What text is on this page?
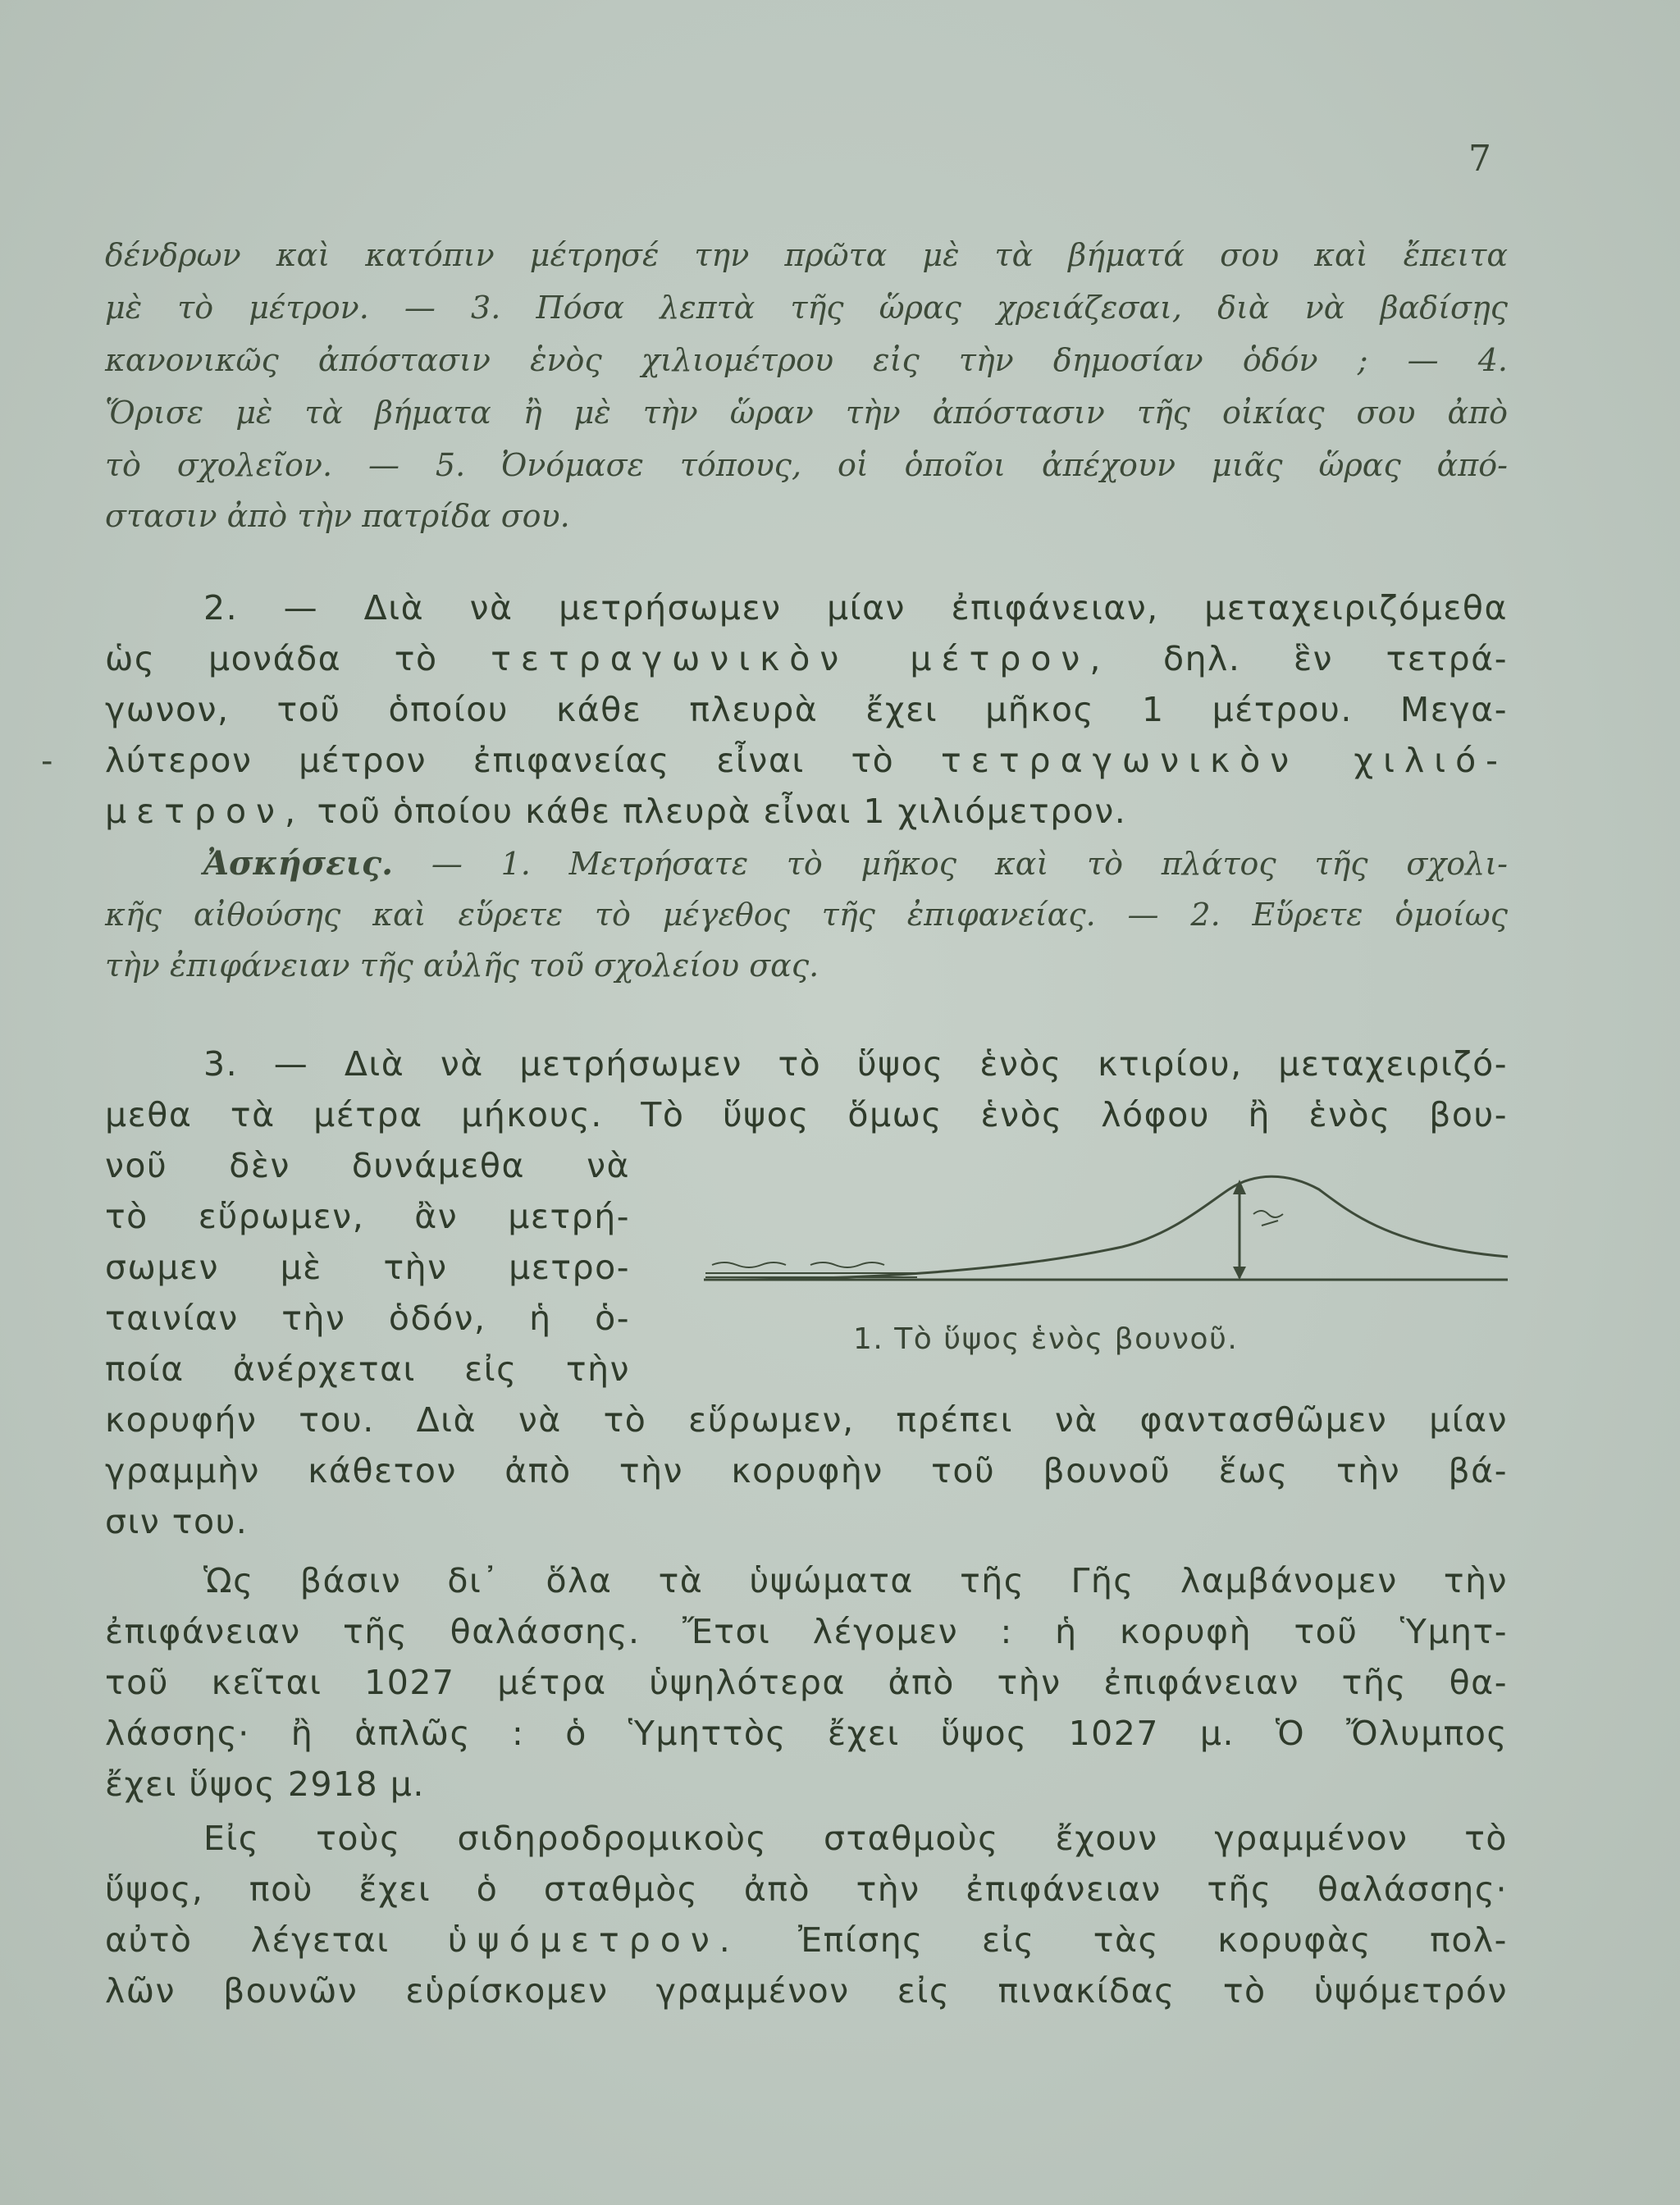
7

δένδρων καὶ κατόπιν μέτρησέ την πρῶτα μὲ τὰ βήματά σου καὶ ἔπειτα

μὲ τὸ μέτρον. — 3. Πόσα λεπτὰ τῆς ὥρας χρειάζεσαι, διὰ νὰ βαδίσῃς

κανονικῶς ἀπόστασιν ἑνὸς χιλιομέτρου εἰς τὴν δημοσίαν ὁδόν ; — 4.

Ὅρισε μὲ τὰ βήματα ἢ μὲ τὴν ὥραν τὴν ἀπόστασιν τῆς οἰκίας σου ἀπὸ

τὸ σχολεῖον. — 5. Ὀνόμασε τόπους, οἱ ὁποῖοι ἀπέχουν μιᾶς ὥρας ἀπό-

στασιν ἀπὸ τὴν πατρίδα σου.

2. — Διὰ νὰ μετρήσωμεν μίαν ἐπιφάνειαν, μεταχειριζόμεθα

ὡς μονάδα τὸ τετραγωνικὸν μέτρον, δηλ. ἓν τετρά-

γωνον, τοῦ ὁποίου κάθε πλευρὰ ἔχει μῆκος 1 μέτρου. Μεγα-

λύτερον μέτρον ἐπιφανείας εἶναι τὸ τετραγωνικὸν χιλιό-

μετρον, τοῦ ὁποίου κάθε πλευρὰ εἶναι 1 χιλιόμετρον.

Ἀσκήσεις. — 1. Μετρήσατε τὸ μῆκος καὶ τὸ πλάτος τῆς σχολι-

κῆς αἰθούσης καὶ εὕρετε τὸ μέγεθος τῆς ἐπιφανείας. — 2. Εὕρετε ὁμοίως

τὴν ἐπιφάνειαν τῆς αὐλῆς τοῦ σχολείου σας.

-

3. — Διὰ νὰ μετρήσωμεν τὸ ὕψος ἑνὸς κτιρίου, μεταχειριζό-

μεθα τὰ μέτρα μήκους. Τὸ ὕψος ὅμως ἑνὸς λόφου ἢ ἑνὸς βου-

νοῦ δὲν δυνάμεθα νὰ

τὸ εὕρωμεν, ἂν μετρή-

σωμεν μὲ τὴν μετρο-

ταινίαν τὴν ὁδόν, ἡ ὁ-

ποία ἀνέρχεται εἰς τὴν

κορυφήν του. Διὰ νὰ τὸ εὕρωμεν, πρέπει νὰ φαντασθῶμεν μίαν

γραμμὴν κάθετον ἀπὸ τὴν κορυφὴν τοῦ βουνοῦ ἕως τὴν βά-

σιν του.

1. Τὸ ὕψος ἑνὸς βουνοῦ.

Ὡς βάσιν δι᾿ ὅλα τὰ ὑψώματα τῆς Γῆς λαμβάνομεν τὴν

ἐπιφάνειαν τῆς θαλάσσης. Ἔτσι λέγομεν : ἡ κορυφὴ τοῦ Ὑμητ-

τοῦ κεῖται 1027 μέτρα ὑψηλότερα ἀπὸ τὴν ἐπιφάνειαν τῆς θα-

λάσσης· ἢ ἁπλῶς : ὁ Ὑμηττὸς ἔχει ὕψος 1027 μ. Ὁ Ὄλυμπος

ἔχει ὕψος 2918 μ.

Εἰς τοὺς σιδηροδρομικοὺς σταθμοὺς ἔχουν γραμμένον τὸ

ὕψος, ποὺ ἔχει ὁ σταθμὸς ἀπὸ τὴν ἐπιφάνειαν τῆς θαλάσσης·

αὐτὸ λέγεται ὑψόμετρον. Ἐπίσης εἰς τὰς κορυφὰς πολ-

λῶν βουνῶν εὑρίσκομεν γραμμένον εἰς πινακίδας τὸ ὑψόμετρόν
